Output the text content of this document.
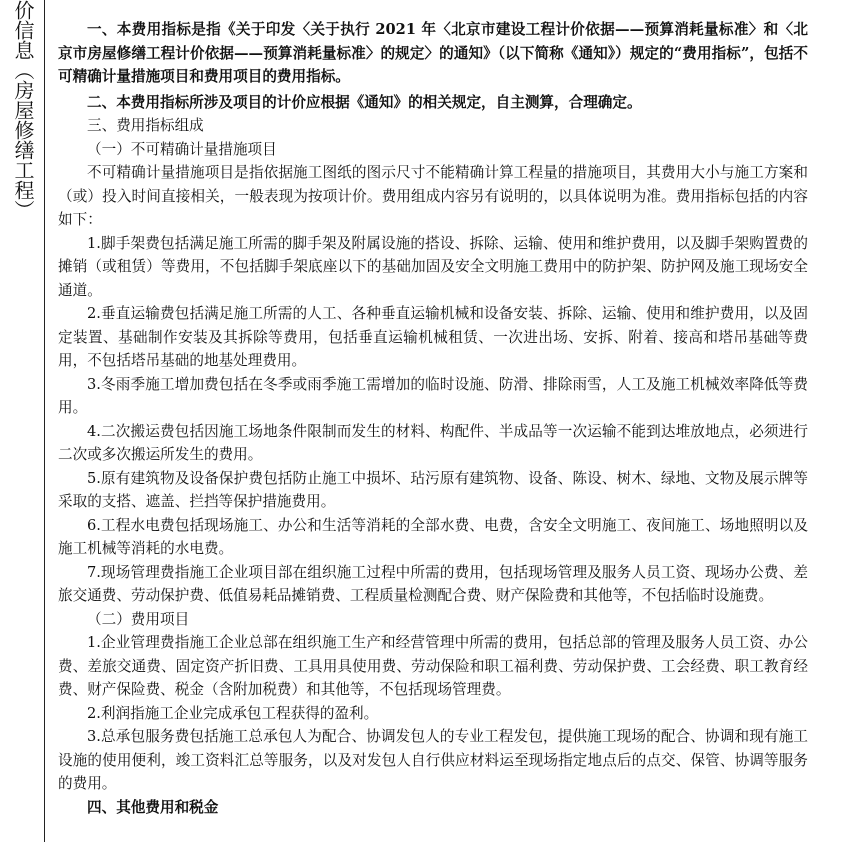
价信息（房屋修缮工程）	一、本费用指标是指《关于印发〈关于执行 2021 年〈北京市建设工程计价依据——预算消耗量标准〉和〈北京市房屋修缮工程计价依据——预算消耗量标准〉的规定〉的通知》（以下简称《通知》）规定的“费用指标”，包括不可精确计量措施项目和费用项目的费用指标。

二、本费用指标所涉及项目的计价应根据《通知》的相关规定，自主测算，合理确定。

三、费用指标组成

（一）不可精确计量措施项目

不可精确计量措施项目是指依据施工图纸的图示尺寸不能精确计算工程量的措施项目，其费用大小与施工方案和（或）投入时间直接相关，一般表现为按项计价。费用组成内容另有说明的，以具体说明为准。费用指标包括的内容如下：

1.脚手架费包括满足施工所需的脚手架及附属设施的搭设、拆除、运输、使用和维护费用，以及脚手架购置费的摊销（或租赁）等费用，不包括脚手架底座以下的基础加固及安全文明施工费用中的防护架、防护网及施工现场安全通道。

2.垂直运输费包括满足施工所需的人工、各种垂直运输机械和设备安装、拆除、运输、使用和维护费用，以及固定装置、基础制作安装及其拆除等费用，包括垂直运输机械租赁、一次进出场、安拆、附着、接高和塔吊基础等费用，不包括塔吊基础的地基处理费用。

3.冬雨季施工增加费包括在冬季或雨季施工需增加的临时设施、防滑、排除雨雪，人工及施工机械效率降低等费用。

4.二次搬运费包括因施工场地条件限制而发生的材料、构配件、半成品等一次运输不能到达堆放地点，必须进行二次或多次搬运所发生的费用。

5.原有建筑物及设备保护费包括防止施工中损坏、玷污原有建筑物、设备、陈设、树木、绿地、文物及展示牌等采取的支搭、遮盖、拦挡等保护措施费用。

6.工程水电费包括现场施工、办公和生活等消耗的全部水费、电费，含安全文明施工、夜间施工、场地照明以及施工机械等消耗的水电费。

7.现场管理费指施工企业项目部在组织施工过程中所需的费用，包括现场管理及服务人员工资、现场办公费、差旅交通费、劳动保护费、低值易耗品摊销费、工程质量检测配合费、财产保险费和其他等，不包括临时设施费。

（二）费用项目

1.企业管理费指施工企业总部在组织施工生产和经营管理中所需的费用，包括总部的管理及服务人员工资、办公费、差旅交通费、固定资产折旧费、工具用具使用费、劳动保险和职工福利费、劳动保护费、工会经费、职工教育经费、财产保险费、税金（含附加税费）和其他等，不包括现场管理费。

2.利润指施工企业完成承包工程获得的盈利。

3.总承包服务费包括施工总承包人为配合、协调发包人的专业工程发包，提供施工现场的配合、协调和现有施工设施的使用便利，竣工资料汇总等服务，以及对发包人自行供应材料运至现场指定地点后的点交、保管、协调等服务的费用。

四、其他费用和税金
